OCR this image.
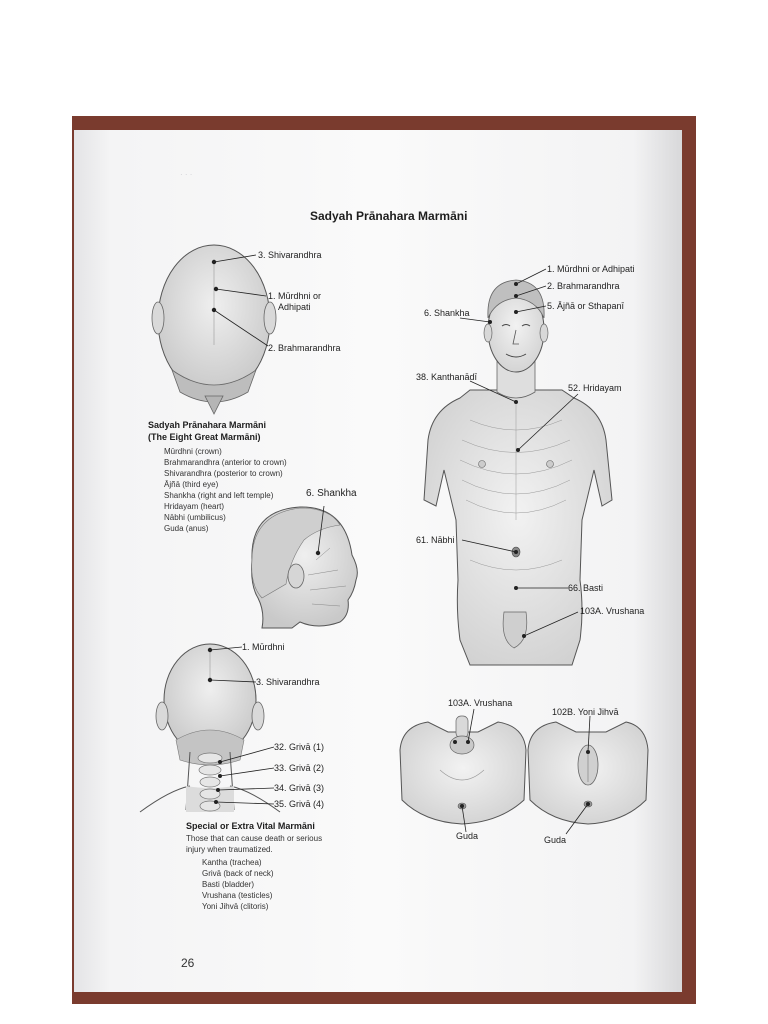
· · ·
Sadyah Prānahara Marmāni
3. Shivarandhra
1. Mūrdhni or
Adhipati
2. Brahmarandhra
Sadyah Prānahara Marmāni
(The Eight Great Marmāni)
Mūrdhni (crown)
Brahmarandhra (anterior to crown)
Shivarandhra (posterior to crown)
Ājñā (third eye)
Shankha (right and left temple)
Hridayam (heart)
Nābhi (umbilicus)
Guda (anus)
6. Shankha
1. Mūrdhni
3. Shivarandhra
32. Grivā (1)
33. Grivā (2)
34. Grivā (3)
35. Grivā (4)
Special or Extra Vital Marmāni
Those that can cause death or serious
injury when traumatized.
Kantha (trachea)
Grivā (back of neck)
Basti (bladder)
Vrushana (testicles)
Yoni Jihvā (clitoris)
1. Mūrdhni or Adhipati
2. Brahmarandhra
5. Ājñā or Sthapanī
6. Shankha
38. Kanthanādī
52. Hridayam
61. Nābhi
66. Basti
103A. Vrushana
103A. Vrushana
102B. Yoni Jihvā
Guda	Guda
26
